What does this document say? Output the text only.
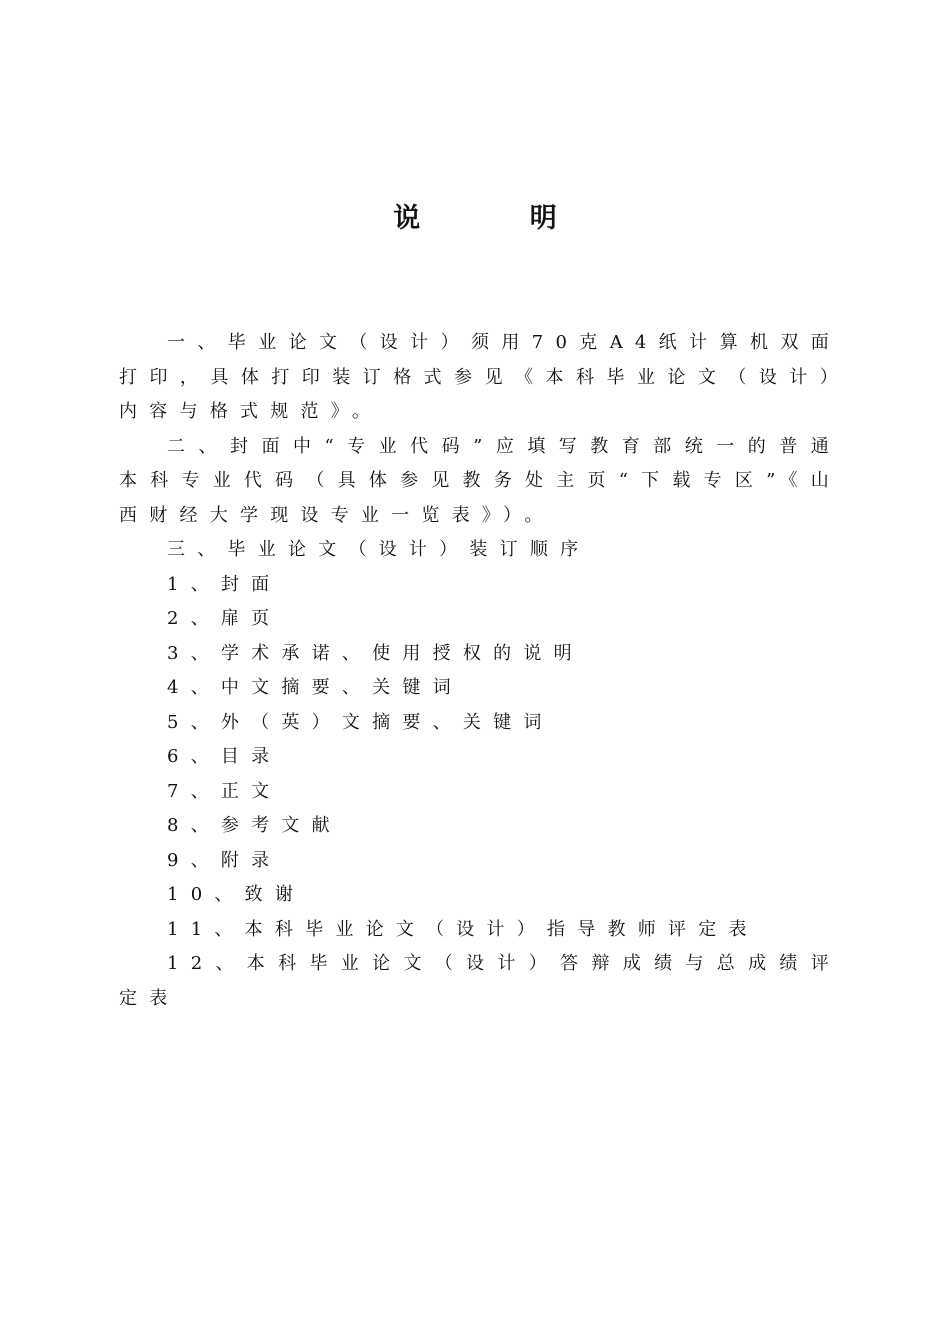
说 明

一、毕业论文（设计）须用70克A4纸计算机双面打印，具体打印装订格式参见《本科毕业论文（设计）内容与格式规范》。

二、封面中“专业代码”应填写教育部统一的普通本科专业代码（具体参见教务处主页“下载专区”《山西财经大学现设专业一览表》）。

三、毕业论文（设计）装订顺序

1、封面

2、扉页

3、学术承诺、使用授权的说明

4、中文摘要、关键词

5、外（英）文摘要、关键词

6、目录

7、正文

8、参考文献

9、附录

10、致谢

11、本科毕业论文（设计）指导教师评定表

12、本科毕业论文（设计）答辩成绩与总成绩评定表
